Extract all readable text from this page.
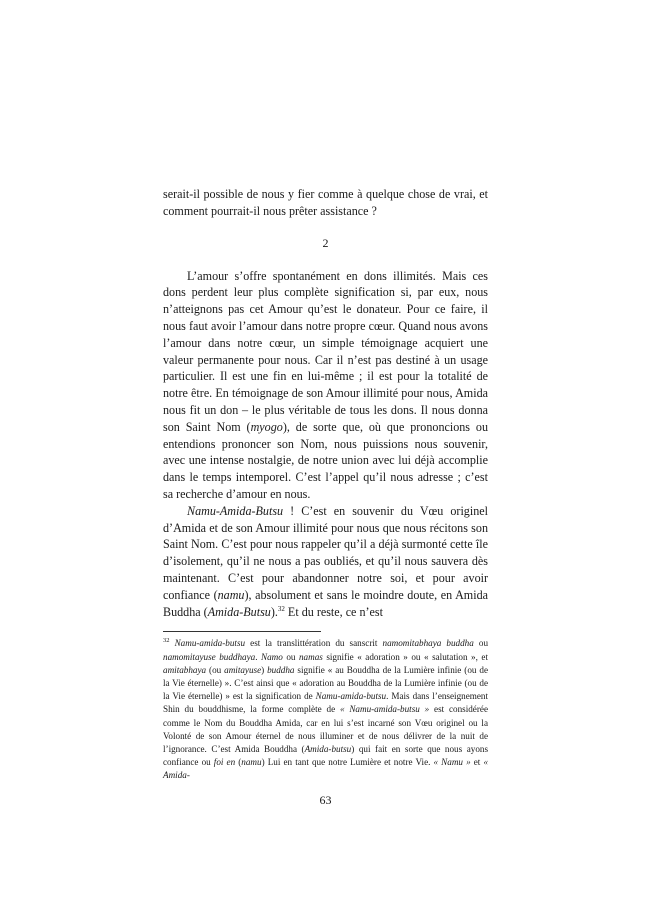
serait-il possible de nous y fier comme à quelque chose de vrai, et comment pourrait-il nous prêter assistance ?

2

L’amour s’offre spontanément en dons illimités. Mais ces dons perdent leur plus complète signification si, par eux, nous n’atteignons pas cet Amour qu’est le donateur. Pour ce faire, il nous faut avoir l’amour dans notre propre cœur. Quand nous avons l’amour dans notre cœur, un simple témoignage acquiert une valeur permanente pour nous. Car il n’est pas destiné à un usage particulier. Il est une fin en lui-même ; il est pour la totalité de notre être. En témoignage de son Amour illimité pour nous, Amida nous fit un don – le plus véritable de tous les dons. Il nous donna son Saint Nom (myogo), de sorte que, où que prononcions ou entendions prononcer son Nom, nous puissions nous souvenir, avec une intense nostalgie, de notre union avec lui déjà accomplie dans le temps intemporel. C’est l’appel qu’il nous adresse ; c’est sa recherche d’amour en nous.

Namu-Amida-Butsu ! C’est en souvenir du Vœu originel d’Amida et de son Amour illimité pour nous que nous récitons son Saint Nom. C’est pour nous rappeler qu’il a déjà surmonté cette île d’isolement, qu’il ne nous a pas oubliés, et qu’il nous sauvera dès maintenant. C’est pour abandonner notre soi, et pour avoir confiance (namu), absolument et sans le moindre doute, en Amida Buddha (Amida-Butsu).$^{32}$ Et du reste, ce n’est

$^{32}$ Namu-amida-butsu est la translittération du sanscrit namomitabhaya buddha ou namomitayuse buddhaya. Namo ou namas signifie « adoration » ou « salutation », et amitabhaya (ou amitayuse) buddha signifie « au Bouddha de la Lumière infinie (ou de la Vie éternelle) ». C’est ainsi que « adoration au Bouddha de la Lumière infinie (ou de la Vie éternelle) » est la signification de Namu-amida-butsu. Mais dans l’enseignement Shin du bouddhisme, la forme complète de « Namu-amida-butsu » est considérée comme le Nom du Bouddha Amida, car en lui s’est incarné son Vœu originel ou la Volonté de son Amour éternel de nous illuminer et de nous délivrer de la nuit de l’ignorance. C’est Amida Bouddha (Amida-butsu) qui fait en sorte que nous ayons confiance ou foi en (namu) Lui en tant que notre Lumière et notre Vie. « Namu » et « Amida-

63
